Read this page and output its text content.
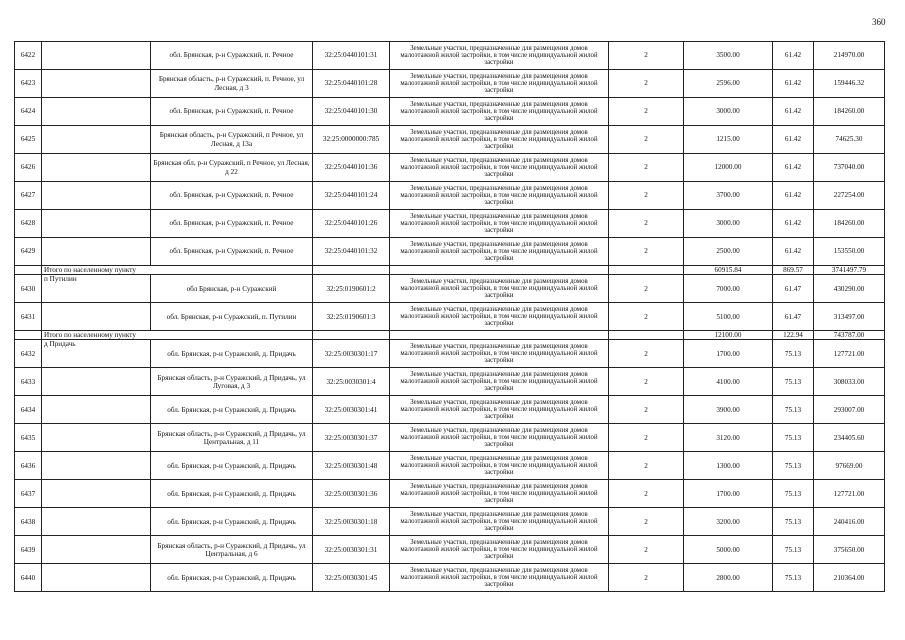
360
6422		обл. Брянская, р-н Суражский, п. Речное	32:25:0440101:31	Земельные участки, предназначенные для размещения домов малоэтажной жилой застройки, в том числе индивидуальной жилой застройки	2	3500.00	61.42	214970.00
6423		Брянская область, р-н Суражский, п. Речное, ул Лесная, д 3	32:25:0440101:28	Земельные участки, предназначенные для размещения домов малоэтажной жилой застройки, в том числе индивидуальной жилой застройки	2	2596.00	61.42	159446.32
6424		обл. Брянская, р-н Суражский, п. Речное	32:25:0440101:30	Земельные участки, предназначенные для размещения домов малоэтажной жилой застройки, в том числе индивидуальной жилой застройки	2	3000.00	61.42	184260.00
6425		Брянская область, р-н Суражский, п Речное, ул Лесная, д 13а	32:25:0000000:785	Земельные участки, предназначенные для размещения домов малоэтажной жилой застройки, в том числе индивидуальной жилой застройки	2	1215.00	61.42	74625.30
6426		Брянская обл, р-н Суражский, п Речное, ул Лесная, д 22	32:25:0440101:36	Земельные участки, предназначенные для размещения домов малоэтажной жилой застройки, в том числе индивидуальной жилой застройки	2	12000.00	61.42	737040.00
6427		обл. Брянская, р-н Суражский, п. Речное	32:25:0440101:24	Земельные участки, предназначенные для размещения домов малоэтажной жилой застройки, в том числе индивидуальной жилой застройки	2	3700.00	61.42	227254.00
6428		обл. Брянская, р-н Суражский, п. Речное	32:25:0440101:26	Земельные участки, предназначенные для размещения домов малоэтажной жилой застройки, в том числе индивидуальной жилой застройки	2	3000.00	61.42	184260.00
6429		обл. Брянская, р-н Суражский, п. Речное	32:25:0440101:32	Земельные участки, предназначенные для размещения домов малоэтажной жилой застройки, в том числе индивидуальной жилой застройки	2	2500.00	61.42	153550.00
	Итого по населенному пункту					60915.84	869.57	3741497.79
6430	п Путилин	обл Брянская, р-н Суражский	32:25:0190601:2	Земельные участки, предназначенные для размещения домов малоэтажной жилой застройки, в том числе индивидуальной жилой застройки	2	7000.00	61.47	430290.00
6431		обл. Брянская, р-н Суражский, п. Путилин	32:25:0190601:3	Земельные участки, предназначенные для размещения домов малоэтажной жилой застройки, в том числе индивидуальной жилой застройки	2	5100.00	61.47	313497.00
	Итого по населенному пункту					12100.00	122.94	743787.00
6432	д Придачь	обл. Брянская, р-н Суражский, д. Придачь	32:25:0030301:17	Земельные участки, предназначенные для размещения домов малоэтажной жилой застройки, в том числе индивидуальной жилой застройки	2	1700.00	75.13	127721.00
6433		Брянская область, р-н Суражский, д Придачь, ул Луговая, д 3	32:25:0030301:4	Земельные участки, предназначенные для размещения домов малоэтажной жилой застройки, в том числе индивидуальной жилой застройки	2	4100.00	75.13	308033.00
6434		обл. Брянская, р-н Суражский, д. Придачь	32:25:0030301:41	Земельные участки, предназначенные для размещения домов малоэтажной жилой застройки, в том числе индивидуальной жилой застройки	2	3900.00	75.13	293007.00
6435		Брянская область, р-н Суражский, д Придачь, ул Центральная, д 11	32:25:0030301:37	Земельные участки, предназначенные для размещения домов малоэтажной жилой застройки, в том числе индивидуальной жилой застройки	2	3120.00	75.13	234405.60
6436		обл. Брянская, р-н Суражский, д. Придачь	32:25:0030301:48	Земельные участки, предназначенные для размещения домов малоэтажной жилой застройки, в том числе индивидуальной жилой застройки	2	1300.00	75.13	97669.00
6437		обл. Брянская, р-н Суражский, д. Придачь	32:25:0030301:36	Земельные участки, предназначенные для размещения домов малоэтажной жилой застройки, в том числе индивидуальной жилой застройки	2	1700.00	75.13	127721.00
6438		обл. Брянская, р-н Суражский, д. Придачь	32:25:0030301:18	Земельные участки, предназначенные для размещения домов малоэтажной жилой застройки, в том числе индивидуальной жилой застройки	2	3200.00	75.13	240416.00
6439		Брянская область, р-н Суражский, д Придачь, ул Центральная, д 6	32:25:0030301:31	Земельные участки, предназначенные для размещения домов малоэтажной жилой застройки, в том числе индивидуальной жилой застройки	2	5000.00	75.13	375650.00
6440		обл. Брянская, р-н Суражский, д. Придачь	32:25:0030301:45	Земельные участки, предназначенные для размещения домов малоэтажной жилой застройки, в том числе индивидуальной жилой застройки	2	2800.00	75.13	210364.00
